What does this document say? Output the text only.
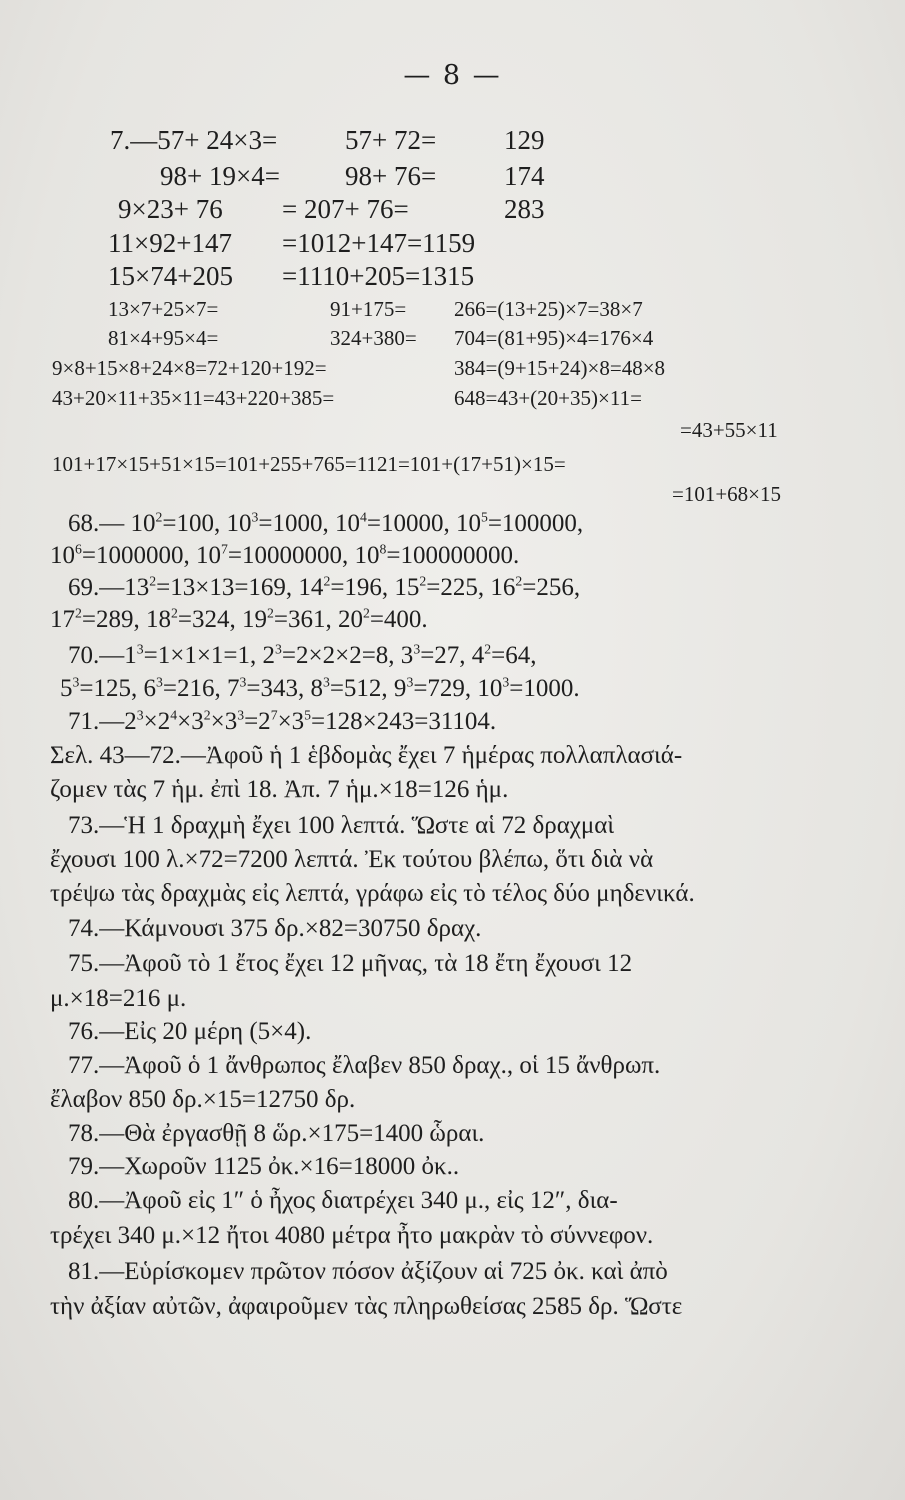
— 8 —
7.—57+ 24×3=	57+ 72=	129
98+ 19×4= 98+ 76=	174
9×23+ 76 = 207+ 76=	283
11×92+147 =1012+147=1159
15×74+205 =1110+205=1315
13×7+25×7=	91+175= 266=(13+25)×7=38×7
81×4+95×4=	324+380= 704=(81+95)×4=176×4
9×8+15×8+24×8=72+120+192=	384=(9+15+24)×8=48×8
43+20×11+35×11=43+220+385=	648=43+(20+35)×11=
=43+55×11
101+17×15+51×15=101+255+765=1121=101+(17+51)×15=
=101+68×15
68.— $10^2=100$, $10^3=1000$, $10^4=10000$, $10^5=100000$,
$10^6=1000000$, $10^7=10000000$, $10^8=100000000$.
$69.—13^2=13\times 13=169$, $14^2=196$, $15^2=225$, $16^2=256$,
$17^2=289$, $18^2=324$, $19^2=361$, $20^2=400$.
$70.—1^3=1\times 1\times 1=1$, $2^3=2\times 2\times 2=8$, $3^3=27$, $4^2=64$,
$5^3=125$, $6^3=216$, $7^3=343$, $8^3=512$, $9^3=729$, $10^3=1000$.
$71.—2^3\times 2^4\times 3^2\times 3^3=2^7\times 3^5=128\times 243=31104$.
Σελ. 43—72.—Ἀφοῦ ἡ 1 ἑβδομὰς ἔχει 7 ἡμέρας πολλαπλασιά-
ζομεν τὰς 7 ἡμ. ἐπὶ 18. Ἀπ. 7 ἡμ.×18=126 ἡμ.
73.—Ἡ 1 δραχμὴ ἔχει 100 λεπτά. Ὥστε αἱ 72 δραχμαὶ
ἔχουσι 100 λ.×72=7200 λεπτά. Ἐκ τούτου βλέπω, ὅτι διὰ νὰ
τρέψω τὰς δραχμὰς εἰς λεπτά, γράφω εἰς τὸ τέλος δύο μηδενικά.
74.—Κάμνουσι 375 δρ.×82=30750 δραχ.
75.—Ἀφοῦ τὸ 1 ἔτος ἔχει 12 μῆνας, τὰ 18 ἔτη ἔχουσι 12
μ.×18=216 μ.
76.—Εἰς 20 μέρη (5×4).
77.—Ἀφοῦ ὁ 1 ἄνθρωπος ἔλαβεν 850 δραχ., οἱ 15 ἄνθρωπ.
ἔλαβον 850 δρ.×15=12750 δρ.
78.—Θὰ ἐργασθῇ 8 ὥρ.×175=1400 ὧραι.
79.—Χωροῦν 1125 ὀκ.×16=18000 ὀκ..
80.—Ἀφοῦ εἰς 1″ ὁ ἦχος διατρέχει 340 μ., εἰς 12″, δια-
τρέχει 340 μ.×12 ἤτοι 4080 μέτρα ἦτο μακρὰν τὸ σύννεφον.
81.—Εὑρίσκομεν πρῶτον πόσον ἀξίζουν αἱ 725 ὀκ. καὶ ἀπὸ
τὴν ἀξίαν αὐτῶν, ἀφαιροῦμεν τὰς πληρωθείσας 2585 δρ. Ὥστε
